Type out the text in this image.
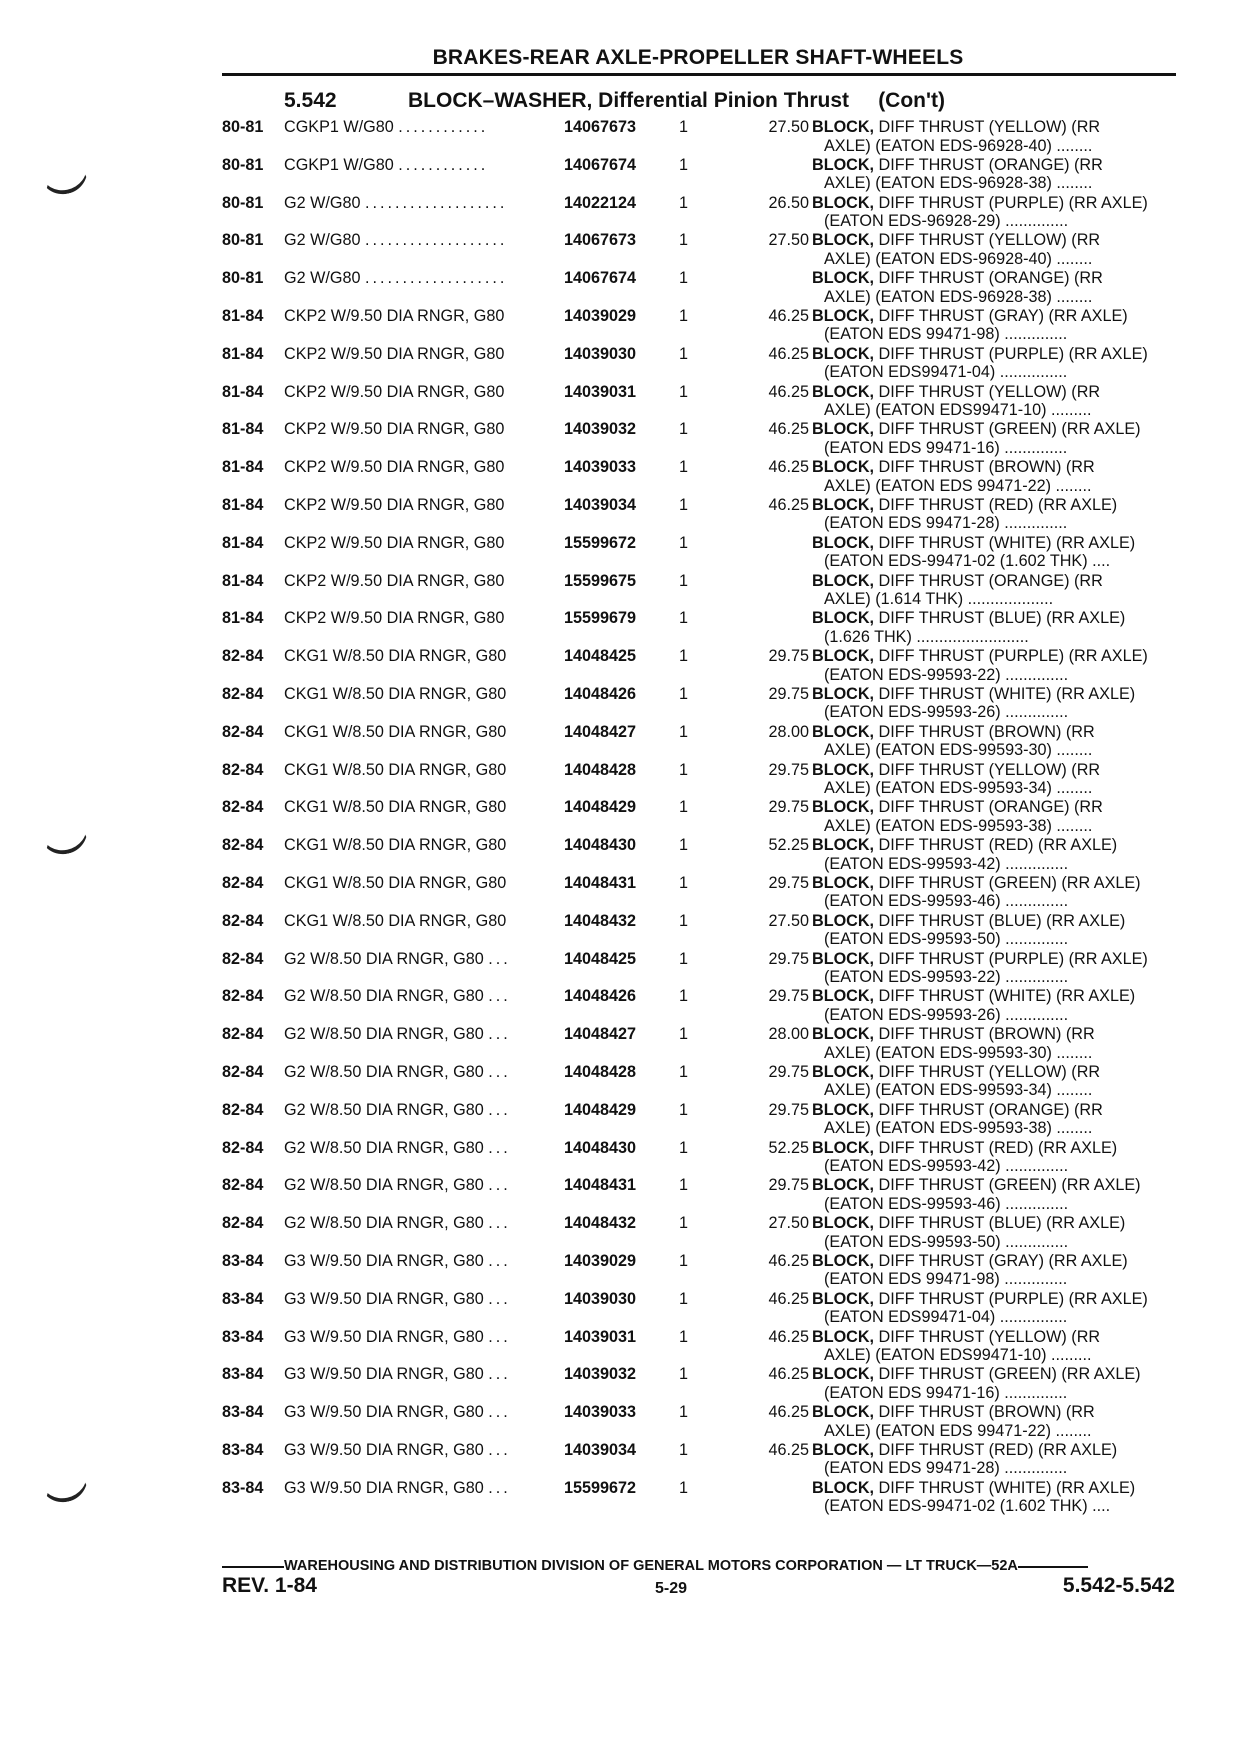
BRAKES-REAR AXLE-PROPELLER SHAFT-WHEELS
5.542	BLOCK–WASHER, Differential Pinion Thrust     (Con't)
80-81 CGKP1 W/G80 ............	14067673	1	27.50 BLOCK, DIFF THRUST (YELLOW) (RR
AXLE) (EATON EDS-96928-40) ........
80-81 CGKP1 W/G80 ............	14067674	1	BLOCK, DIFF THRUST (ORANGE) (RR
AXLE) (EATON EDS-96928-38) ........
80-81 G2 W/G80 ...................	14022124	1	26.50 BLOCK, DIFF THRUST (PURPLE) (RR AXLE)
(EATON EDS-96928-29) ..............
80-81 G2 W/G80 ...................	14067673	1	27.50 BLOCK, DIFF THRUST (YELLOW) (RR
AXLE) (EATON EDS-96928-40) ........
80-81 G2 W/G80 ...................	14067674	1	BLOCK, DIFF THRUST (ORANGE) (RR
AXLE) (EATON EDS-96928-38) ........
81-84 CKP2 W/9.50 DIA RNGR, G80	14039029	1	46.25 BLOCK, DIFF THRUST (GRAY) (RR AXLE)
(EATON EDS 99471-98) ..............
81-84 CKP2 W/9.50 DIA RNGR, G80	14039030	1	46.25 BLOCK, DIFF THRUST (PURPLE) (RR AXLE)
(EATON EDS99471-04) ...............
81-84 CKP2 W/9.50 DIA RNGR, G80	14039031	1	46.25 BLOCK, DIFF THRUST (YELLOW) (RR
AXLE) (EATON EDS99471-10) .........
81-84 CKP2 W/9.50 DIA RNGR, G80	14039032	1	46.25 BLOCK, DIFF THRUST (GREEN) (RR AXLE)
(EATON EDS 99471-16) ..............
81-84 CKP2 W/9.50 DIA RNGR, G80	14039033	1	46.25 BLOCK, DIFF THRUST (BROWN) (RR
AXLE) (EATON EDS 99471-22) ........
81-84 CKP2 W/9.50 DIA RNGR, G80	14039034	1	46.25 BLOCK, DIFF THRUST (RED) (RR AXLE)
(EATON EDS 99471-28) ..............
81-84 CKP2 W/9.50 DIA RNGR, G80	15599672	1	BLOCK, DIFF THRUST (WHITE) (RR AXLE)
(EATON EDS-99471-02 (1.602 THK) ....
81-84 CKP2 W/9.50 DIA RNGR, G80	15599675	1	BLOCK, DIFF THRUST (ORANGE) (RR
AXLE) (1.614 THK) ...................
81-84 CKP2 W/9.50 DIA RNGR, G80	15599679	1	BLOCK, DIFF THRUST (BLUE) (RR AXLE)
(1.626 THK) .........................
82-84 CKG1 W/8.50 DIA RNGR, G80	14048425	1	29.75 BLOCK, DIFF THRUST (PURPLE) (RR AXLE)
(EATON EDS-99593-22) ..............
82-84 CKG1 W/8.50 DIA RNGR, G80	14048426	1	29.75 BLOCK, DIFF THRUST (WHITE) (RR AXLE)
(EATON EDS-99593-26) ..............
82-84 CKG1 W/8.50 DIA RNGR, G80	14048427	1	28.00 BLOCK, DIFF THRUST (BROWN) (RR
AXLE) (EATON EDS-99593-30) ........
82-84 CKG1 W/8.50 DIA RNGR, G80	14048428	1	29.75 BLOCK, DIFF THRUST (YELLOW) (RR
AXLE) (EATON EDS-99593-34) ........
82-84 CKG1 W/8.50 DIA RNGR, G80	14048429	1	29.75 BLOCK, DIFF THRUST (ORANGE) (RR
AXLE) (EATON EDS-99593-38) ........
82-84 CKG1 W/8.50 DIA RNGR, G80	14048430	1	52.25 BLOCK, DIFF THRUST (RED) (RR AXLE)
(EATON EDS-99593-42) ..............
82-84 CKG1 W/8.50 DIA RNGR, G80	14048431	1	29.75 BLOCK, DIFF THRUST (GREEN) (RR AXLE)
(EATON EDS-99593-46) ..............
82-84 CKG1 W/8.50 DIA RNGR, G80	14048432	1	27.50 BLOCK, DIFF THRUST (BLUE) (RR AXLE)
(EATON EDS-99593-50) ..............
82-84 G2 W/8.50 DIA RNGR, G80 ...	14048425	1	29.75 BLOCK, DIFF THRUST (PURPLE) (RR AXLE)
(EATON EDS-99593-22) ..............
82-84 G2 W/8.50 DIA RNGR, G80 ...	14048426	1	29.75 BLOCK, DIFF THRUST (WHITE) (RR AXLE)
(EATON EDS-99593-26) ..............
82-84 G2 W/8.50 DIA RNGR, G80 ...	14048427	1	28.00 BLOCK, DIFF THRUST (BROWN) (RR
AXLE) (EATON EDS-99593-30) ........
82-84 G2 W/8.50 DIA RNGR, G80 ...	14048428	1	29.75 BLOCK, DIFF THRUST (YELLOW) (RR
AXLE) (EATON EDS-99593-34) ........
82-84 G2 W/8.50 DIA RNGR, G80 ...	14048429	1	29.75 BLOCK, DIFF THRUST (ORANGE) (RR
AXLE) (EATON EDS-99593-38) ........
82-84 G2 W/8.50 DIA RNGR, G80 ...	14048430	1	52.25 BLOCK, DIFF THRUST (RED) (RR AXLE)
(EATON EDS-99593-42) ..............
82-84 G2 W/8.50 DIA RNGR, G80 ...	14048431	1	29.75 BLOCK, DIFF THRUST (GREEN) (RR AXLE)
(EATON EDS-99593-46) ..............
82-84 G2 W/8.50 DIA RNGR, G80 ...	14048432	1	27.50 BLOCK, DIFF THRUST (BLUE) (RR AXLE)
(EATON EDS-99593-50) ..............
83-84 G3 W/9.50 DIA RNGR, G80 ...	14039029	1	46.25 BLOCK, DIFF THRUST (GRAY) (RR AXLE)
(EATON EDS 99471-98) ..............
83-84 G3 W/9.50 DIA RNGR, G80 ...	14039030	1	46.25 BLOCK, DIFF THRUST (PURPLE) (RR AXLE)
(EATON EDS99471-04) ...............
83-84 G3 W/9.50 DIA RNGR, G80 ...	14039031	1	46.25 BLOCK, DIFF THRUST (YELLOW) (RR
AXLE) (EATON EDS99471-10) .........
83-84 G3 W/9.50 DIA RNGR, G80 ...	14039032	1	46.25 BLOCK, DIFF THRUST (GREEN) (RR AXLE)
(EATON EDS 99471-16) ..............
83-84 G3 W/9.50 DIA RNGR, G80 ...	14039033	1	46.25 BLOCK, DIFF THRUST (BROWN) (RR
AXLE) (EATON EDS 99471-22) ........
83-84 G3 W/9.50 DIA RNGR, G80 ...	14039034	1	46.25 BLOCK, DIFF THRUST (RED) (RR AXLE)
(EATON EDS 99471-28) ..............
83-84 G3 W/9.50 DIA RNGR, G80 ...	15599672	1	BLOCK, DIFF THRUST (WHITE) (RR AXLE)
(EATON EDS-99471-02 (1.602 THK) ....
WAREHOUSING AND DISTRIBUTION DIVISION OF GENERAL MOTORS CORPORATION — LT TRUCK—52A
REV. 1-84	5-29	5.542-5.542
